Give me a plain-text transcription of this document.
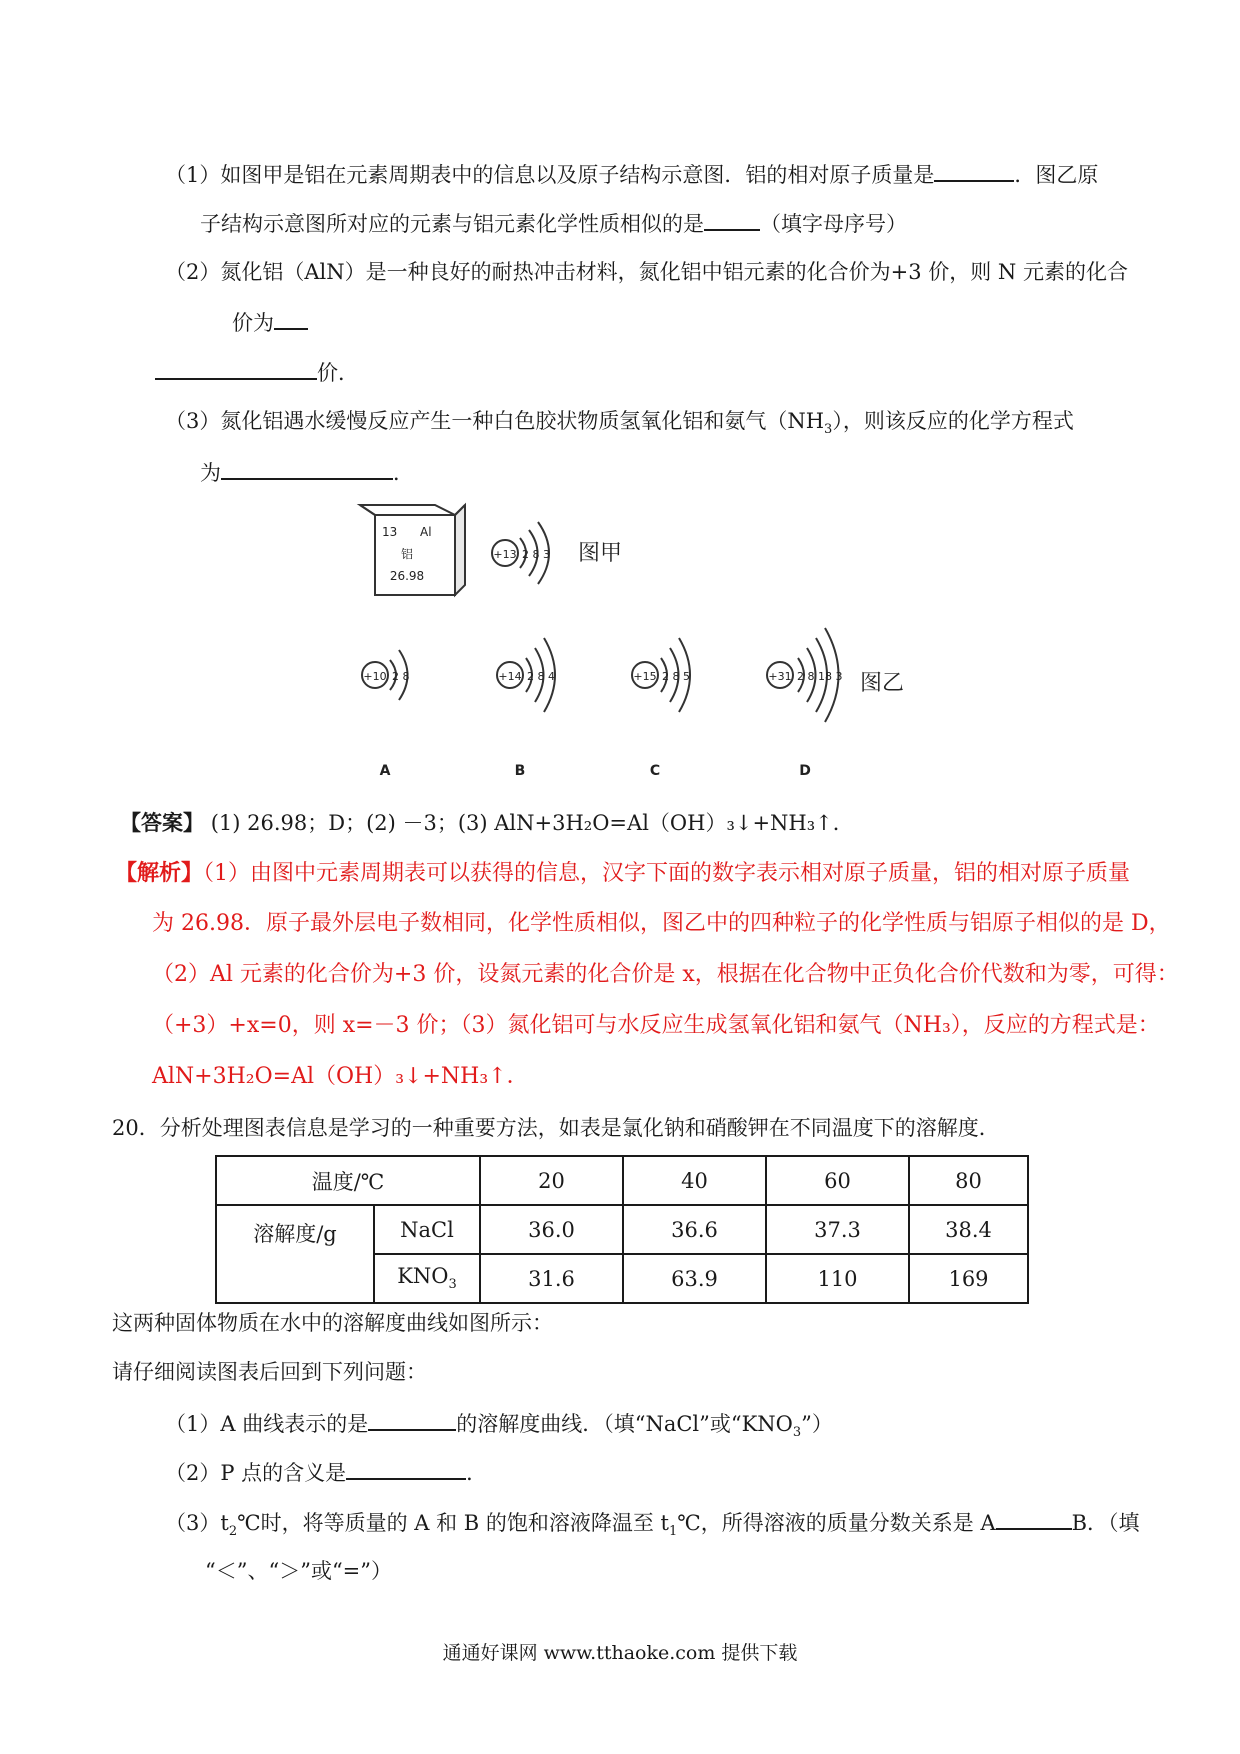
（1）如图甲是铝在元素周期表中的信息以及原子结构示意图．铝的相对原子质量是	．图乙原
子结构示意图所对应的元素与铝元素化学性质相似的是	（填字母序号）
（2）氮化铝（AlN）是一种良好的耐热冲击材料，氮化铝中铝元素的化合价为+3 价，则 N 元素的化合
价为
价．
（3）氮化铝遇水缓慢反应产生一种白色胶状物质氢氧化铝和氨气$(NH_3)$，则该反应的化学方程式
为	．
13 Al
铝
26.98
+13 2 8 3 图甲
+10 2 8
A
+14 2 8 4
B
+15 2 8 5
C
+31 2 8 18 3
D
图乙
【答案】 (1) 26.98；D；(2) －3；(3) AlN+3H₂O=Al（OH）₃↓+NH₃↑．
【解析】（1）由图中元素周期表可以获得的信息，汉字下面的数字表示相对原子质量，铝的相对原子质量
为 26.98．原子最外层电子数相同，化学性质相似，图乙中的四种粒子的化学性质与铝原子相似的是 D，
（2）Al 元素的化合价为+3 价，设氮元素的化合价是 x，根据在化合物中正负化合价代数和为零，可得：
（+3）+x=0，则 x=－3 价；（3）氮化铝可与水反应生成氢氧化铝和氨气（NH₃），反应的方程式是：
AlN+3H₂O=Al（OH）₃↓+NH₃↑．
20．分析处理图表信息是学习的一种重要方法，如表是氯化钠和硝酸钾在不同温度下的溶解度．
温度/℃		20	40	60	80
溶解度/g	NaCl	36.0	36.6	37.3	38.4
	$KNO_3$	31.6	63.9	110	169
这两种固体物质在水中的溶解度曲线如图所示：
请仔细阅读图表后回到下列问题：
（1）A 曲线表示的是	的溶解度曲线．（填“NaCl”或“$KNO_3$”）
（2）P 点的含义是	．
$(3)t_2℃$时，将等质量的 A 和 B 的饱和溶液降温至 $t_1℃$，所得溶液的质量分数关系是 A	B．（填
“＜”、“＞”或“=”）
通通好课网 www.tthaoke.com 提供下载
